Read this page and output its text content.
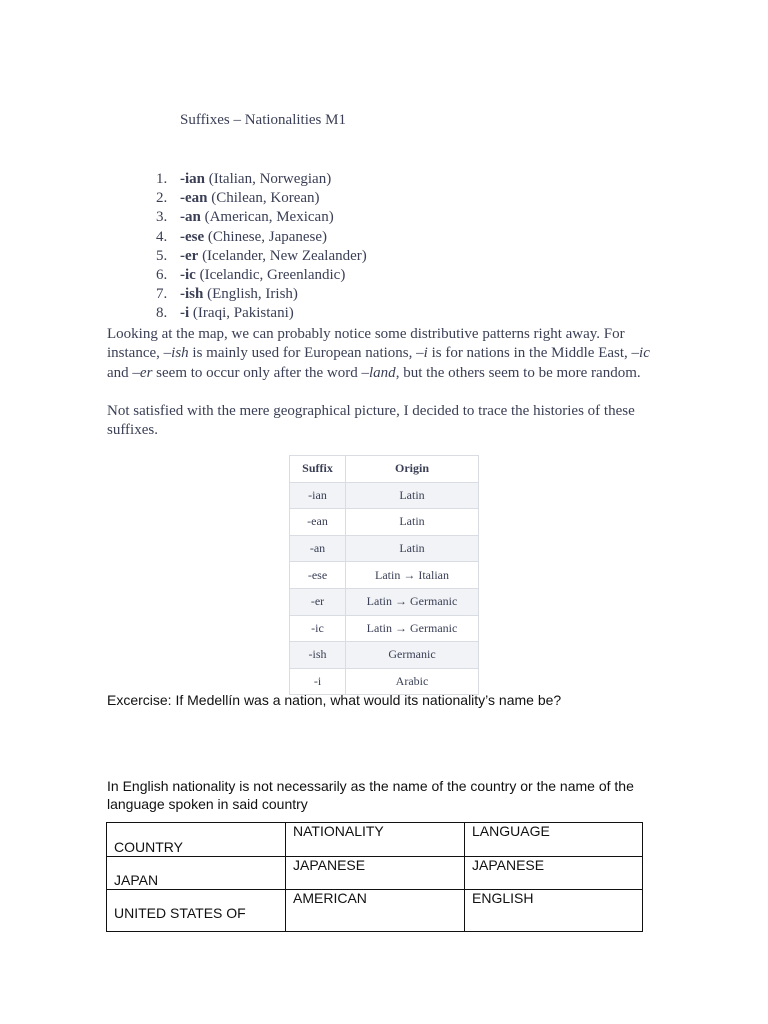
Suffixes – Nationalities M1
1. -ian (Italian, Norwegian)
2. -ean (Chilean, Korean)
3. -an (American, Mexican)
4. -ese (Chinese, Japanese)
5. -er (Icelander, New Zealander)
6. -ic (Icelandic, Greenlandic)
7. -ish (English, Irish)
8. -i (Iraqi, Pakistani)

Looking at the map, we can probably notice some distributive patterns right away. For instance, –ish is mainly used for European nations, –i is for nations in the Middle East, –ic and –er seem to occur only after the word –land, but the others seem to be more random.

Not satisfied with the mere geographical picture, I decided to trace the histories of these suffixes.

Suffix	Origin
-ian	Latin
-ean	Latin
-an	Latin
-ese	Latin → Italian
-er	Latin → Germanic
-ic	Latin → Germanic
-ish	Germanic
-i	Arabic
Excercise: If Medellín was a nation, what would its nationality’s name be?

In English nationality is not necessarily as the name of the country or the name of the language spoken in said country

COUNTRY	NATIONALITY	LANGUAGE

JAPAN	JAPANESE	JAPANESE

UNITED STATES OF	AMERICAN	ENGLISH
